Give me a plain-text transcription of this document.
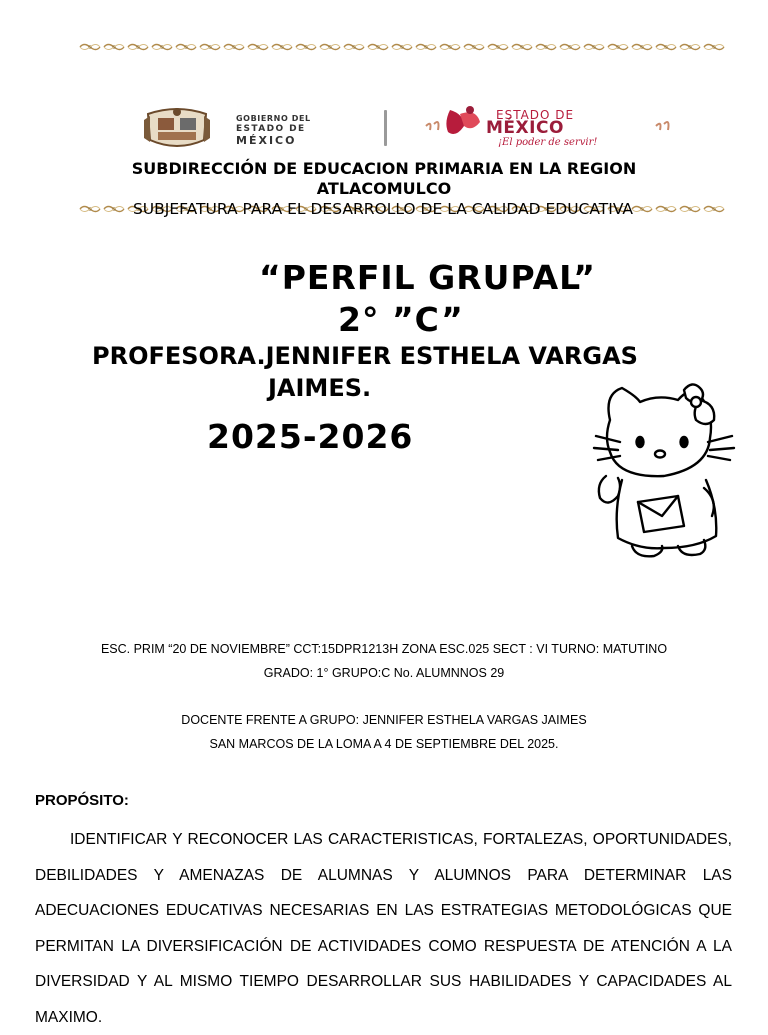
GOBIERNO DEL
ESTADO DE
MÉXICO
ESTADO DE
MÉXICO
¡El poder de servir!
SUBDIRECCIÓN DE EDUCACION PRIMARIA EN LA REGION ATLACOMULCO
SUBJEFATURA PARA EL DESARROLLO DE LA CALIDAD EDUCATIVA
“PERFIL GRUPAL”
2° ”C”
PROFESORA.JENNIFER ESTHELA VARGAS
JAIMES.
2025-2026
ESC. PRIM “20 DE NOVIEMBRE” CCT:15DPR1213H ZONA ESC.025 SECT : VI TURNO: MATUTINO
GRADO: 1° GRUPO:C No. ALUMNNOS 29
DOCENTE FRENTE A GRUPO: JENNIFER ESTHELA VARGAS JAIMES
SAN MARCOS DE LA LOMA A 4 DE SEPTIEMBRE DEL 2025.
PROPÓSITO:
IDENTIFICAR Y RECONOCER LAS CARACTERISTICAS, FORTALEZAS, OPORTUNIDADES, DEBILIDADES Y AMENAZAS DE ALUMNAS Y ALUMNOS PARA DETERMINAR LAS ADECUACIONES EDUCATIVAS NECESARIAS EN LAS ESTRATEGIAS METODOLÓGICAS QUE PERMITAN LA DIVERSIFICACIÓN DE ACTIVIDADES COMO RESPUESTA DE ATENCIÓN A LA DIVERSIDAD Y AL MISMO TIEMPO DESARROLLAR SUS HABILIDADES Y CAPACIDADES AL MAXIMO.
